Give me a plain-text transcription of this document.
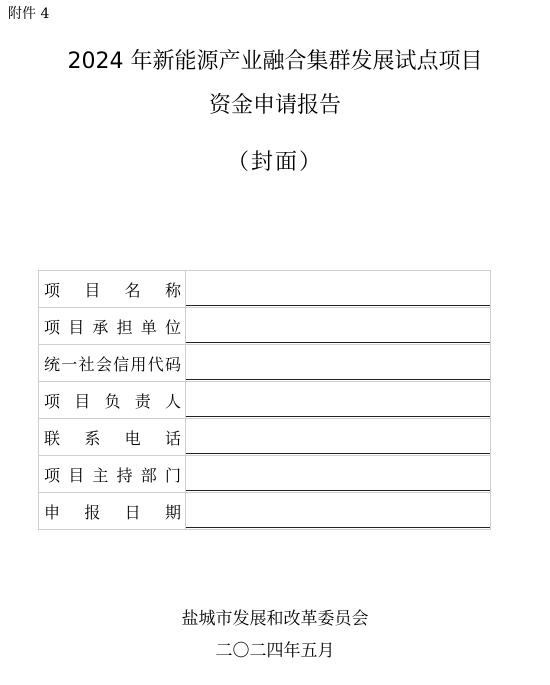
附件 4
2024 年新能源产业融合集群发展试点项目
资金申请报告
（封面）
项 目 名 称
项目承担单位
统一社会信用代码
项 目 负 责 人
联 系 电 话
项目主持部门
申 报 日 期
盐城市发展和改革委员会
二〇二四年五月
